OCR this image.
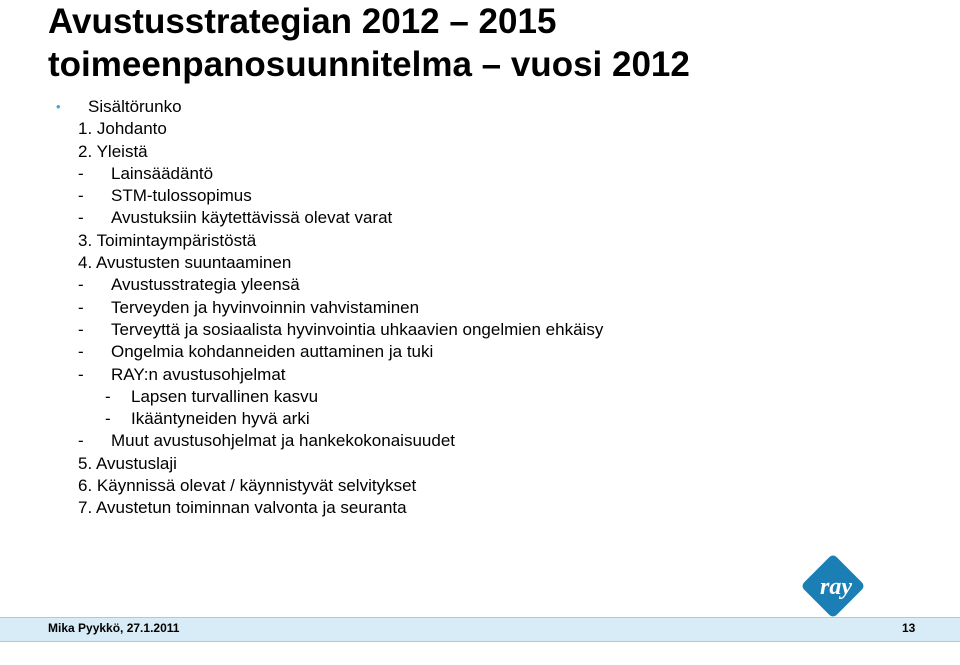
Avustusstrategian 2012 – 2015
toimeenpanosuunnitelma – vuosi 2012
• Sisältörunko
1. Johdanto
2. Yleistä
- Lainsäädäntö
- STM-tulossopimus
- Avustuksiin käytettävissä olevat varat
3. Toimintaympäristöstä
4. Avustusten suuntaaminen
- Avustusstrategia yleensä
- Terveyden ja hyvinvoinnin vahvistaminen
- Terveyttä ja sosiaalista hyvinvointia uhkaavien ongelmien ehkäisy
- Ongelmia kohdanneiden auttaminen ja tuki
- RAY:n avustusohjelmat
- Lapsen turvallinen kasvu
- Ikääntyneiden hyvä arki
- Muut avustusohjelmat ja hankekokonaisuudet
5. Avustuslaji
6. Käynnissä olevat / käynnistyvät selvitykset
7. Avustetun toiminnan valvonta ja seuranta
ray
Mika Pyykkö, 27.1.2011	13
